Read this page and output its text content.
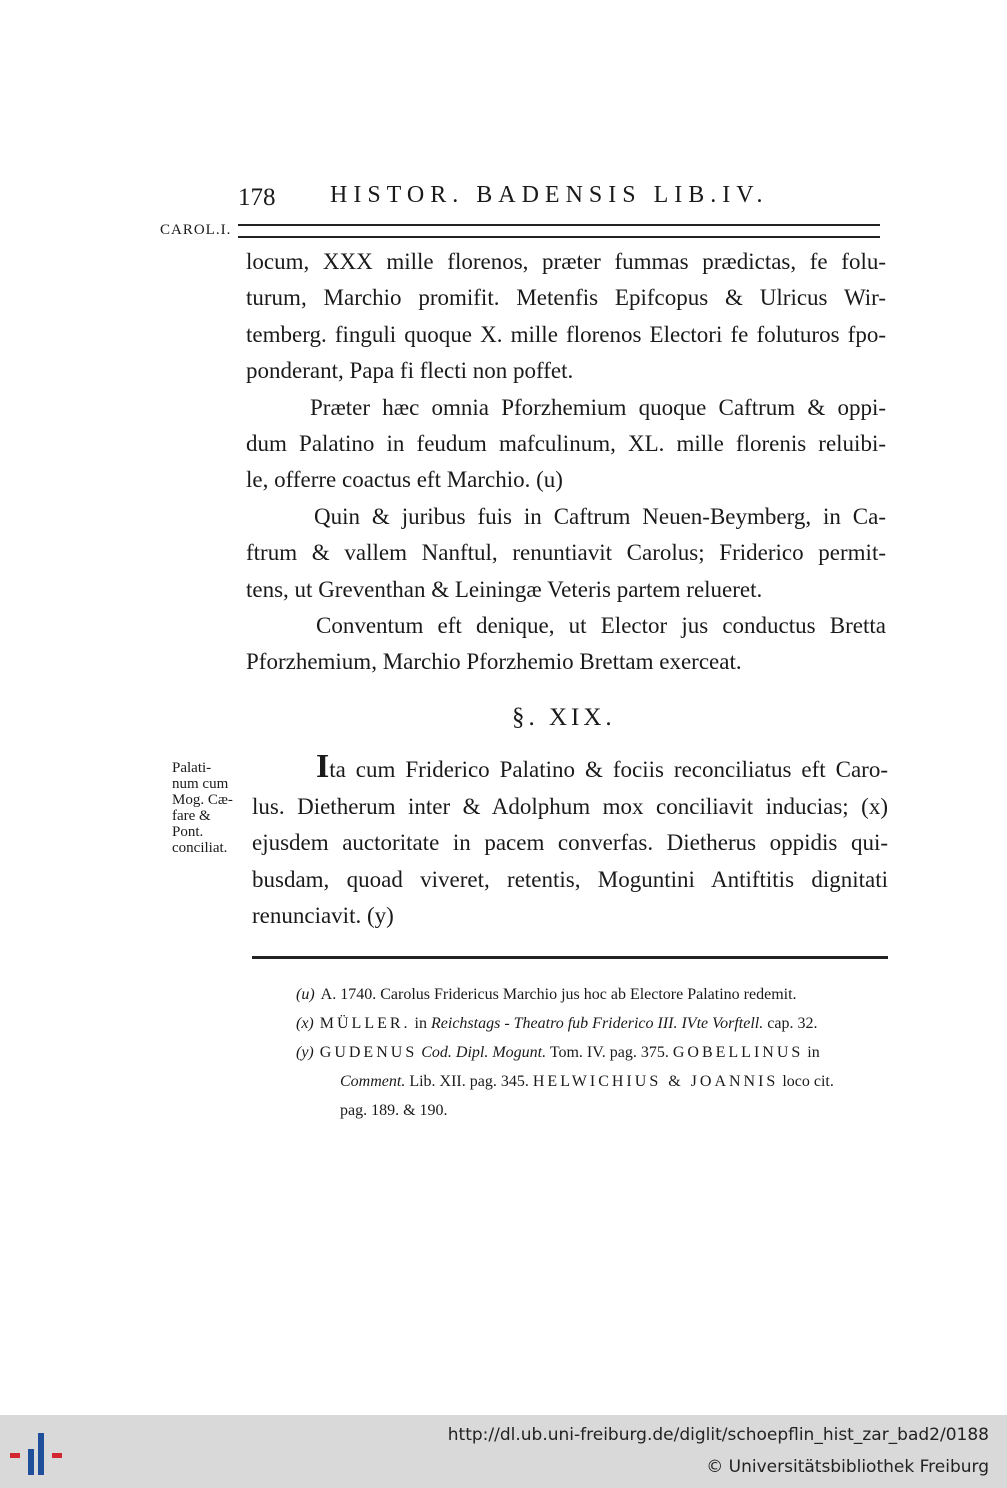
178 HISTOR. BADENSIS LIB.IV.
CAROL.I.

locum, XXX mille florenos, præter fummas prædictas, fe folu-
turum, Marchio promifit. Metenfis Epifcopus & Ulricus Wir-
temberg. finguli quoque X. mille florenos Electori fe foluturos fpo-
ponderant, Papa fi flecti non poffet.

Præter hæc omnia Pforzhemium quoque Caftrum & oppi-
dum Palatino in feudum mafculinum, XL. mille florenis reluibi-
le, offerre coactus eft Marchio. (u)

Quin & juribus fuis in Caftrum Neuen-Beymberg, in Ca-
ftrum & vallem Nanftul, renuntiavit Carolus; Friderico permit-
tens, ut Greventhan & Leiningæ Veteris partem relueret.

Conventum eft denique, ut Elector jus conductus Bretta
Pforzhemium, Marchio Pforzhemio Brettam exerceat.

§. XIX.
Palati-
num cum
Mog. Cæ-
fare &
Pont.
conciliat.
Ita cum Friderico Palatino & fociis reconciliatus eft Caro-
lus. Dietherum inter & Adolphum mox conciliavit inducias; (x)
ejusdem auctoritate in pacem converfas. Dietherus oppidis qui-
busdam, quoad viveret, retentis, Moguntini Antiftitis dignitati
renunciavit. (y)

(u) A. 1740. Carolus Fridericus Marchio jus hoc ab Electore Palatino redemit.

(x) MÜLLER. in Reichstags - Theatro fub Friderico III. IVte Vorftell. cap. 32.

(y) GUDENUS Cod. Dipl. Mogunt. Tom. IV. pag. 375. GOBELLINUS in

Comment. Lib. XII. pag. 345. HELWICHIUS & JOANNIS loco cit.

pag. 189. & 190.

http://dl.ub.uni-freiburg.de/diglit/schoepflin_hist_zar_bad2/0188
© Universitätsbibliothek Freiburg
